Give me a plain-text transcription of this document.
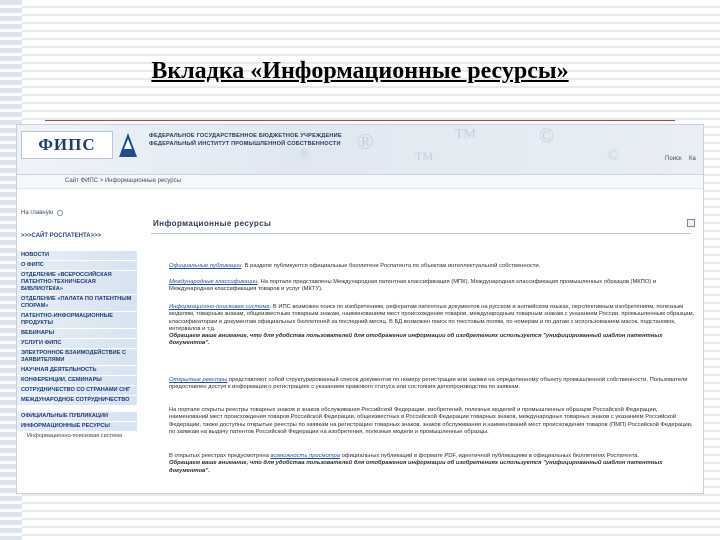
Вкладка «Информационные ресурсы»
ФИПС	ФЕДЕРАЛЬНОЕ ГОСУДАРСТВЕННОЕ БЮДЖЕТНОЕ УЧРЕЖДЕНИЕ
ФЕДЕРАЛЬНЫЙ ИНСТИТУТ ПРОМЫШЛЕННОЙ СОБСТВЕННОСТИ ®	TM	©
®	TM	©	Поиск Ка
Сайт ФИПС > Информационные ресурсы
На главную
>>>САЙТ РОСПАТЕНТА>>>
НОВОСТИ
О ФИПС
ОТДЕЛЕНИЕ «ВСЕРОССИЙСКАЯ ПАТЕНТНО-ТЕХНИЧЕСКАЯ БИБЛИОТЕКА»
ОТДЕЛЕНИЕ «ПАЛАТА ПО ПАТЕНТНЫМ СПОРАМ»
ПАТЕНТНО-ИНФОРМАЦИОННЫЕ ПРОДУКТЫ
ВЕБИНАРЫ
УСЛУГИ ФИПС
ЭЛЕКТРОННОЕ ВЗАИМОДЕЙСТВИЕ С ЗАЯВИТЕЛЯМИ
НАУЧНАЯ ДЕЯТЕЛЬНОСТЬ
КОНФЕРЕНЦИИ, СЕМИНАРЫ
СОТРУДНИЧЕСТВО СО СТРАНАМИ СНГ
МЕЖДУНАРОДНОЕ СОТРУДНИЧЕСТВО
ОФИЦИАЛЬНЫЕ ПУБЛИКАЦИИ
ИНФОРМАЦИОННЫЕ РЕСУРСЫ
Информационно-поисковая система
Информационные ресурсы
Официальные публикации. В разделе публикуются официальные бюллетени Роспатента по объектам интеллектуальной собственности.
Международные классификации. На портале представлены Международная патентная классификация (МПК), Международная классификация промышленных образцов (МКПО) и Международная классификация товаров и услуг (МКТУ).
Информационно-поисковая система. В ИПС возможен поиск по изобретениям, рефератам патентных документов на русском и английском языках, перспективным изобретениям, полезным моделям, товарным знакам, общеизвестным товарным знакам, наименованиям мест происхождения товаров, международным товарным знакам с указанием России, промышленным образцам, классификаторам и документам официальных бюллетеней за последний месяц. В БД возможен поиск по текстовым полям, по номерам и по датам с использованием масок, подстановок, интервалов и т.д.
Обращаем ваше внимание, что для удобства пользователей для отображения информации об изобретениях используется "унифицированный шаблон патентных документов".
Открытые реестры представляют собой структурированный список документов по номеру регистрации или заявки на определенному объекту промышленной собственности. Пользователи предоставлен доступ к информации о регистрациях с указанием правового статуса или состояния делопроизводства по заявкам.
На портале открыты реестры товарных знаков и знаков обслуживания Российской Федерации, изобретений, полезных моделей и промышленных образцов Российской Федерации, наименований мест происхождения товаров Российской Федерации, общеизвестных в Российской Федерации товарных знаков, международных товарных знаков с указанием Российской Федерации, также доступны открытые реестры по заявкам на регистрацию товарных знаков, знаков обслуживания и наименований мест происхождения товаров (ПМП) Российской Федерации, по заявкам на выдачу патентов Российской Федерации на изобретения, полезные модели и промышленные образцы.
В открытых реестрах предусмотрена возможность просмотра официальных публикаций в формате PDF, идентичной публикациям в официальных бюллетенях Роспатента.
Обращаем ваше внимание, что для удобства пользователей для отображения информации об изобретениях используется "унифицированный шаблон патентных документов".
